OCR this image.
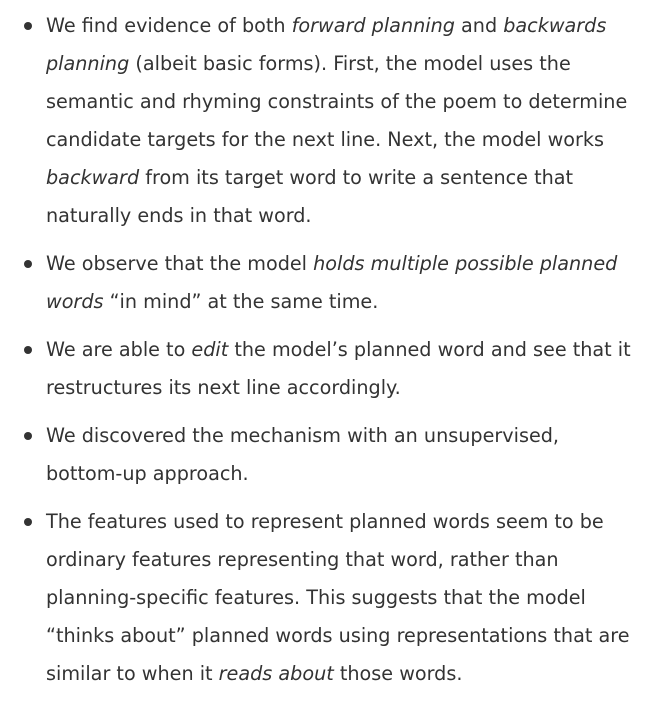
We find evidence of both forward planning and backwards planning (albeit basic forms). First, the model uses the semantic and rhyming constraints of the poem to determine candidate targets for the next line. Next, the model works backward from its target word to write a sentence that naturally ends in that word.
We observe that the model holds multiple possible planned words “in mind” at the same time.
We are able to edit the model’s planned word and see that it restructures its next line accordingly.
We discovered the mechanism with an unsupervised, bottom-up approach.
The features used to represent planned words seem to be ordinary features representing that word, rather than planning-specific features. This suggests that the model “thinks about” planned words using representations that are similar to when it reads about those words.
